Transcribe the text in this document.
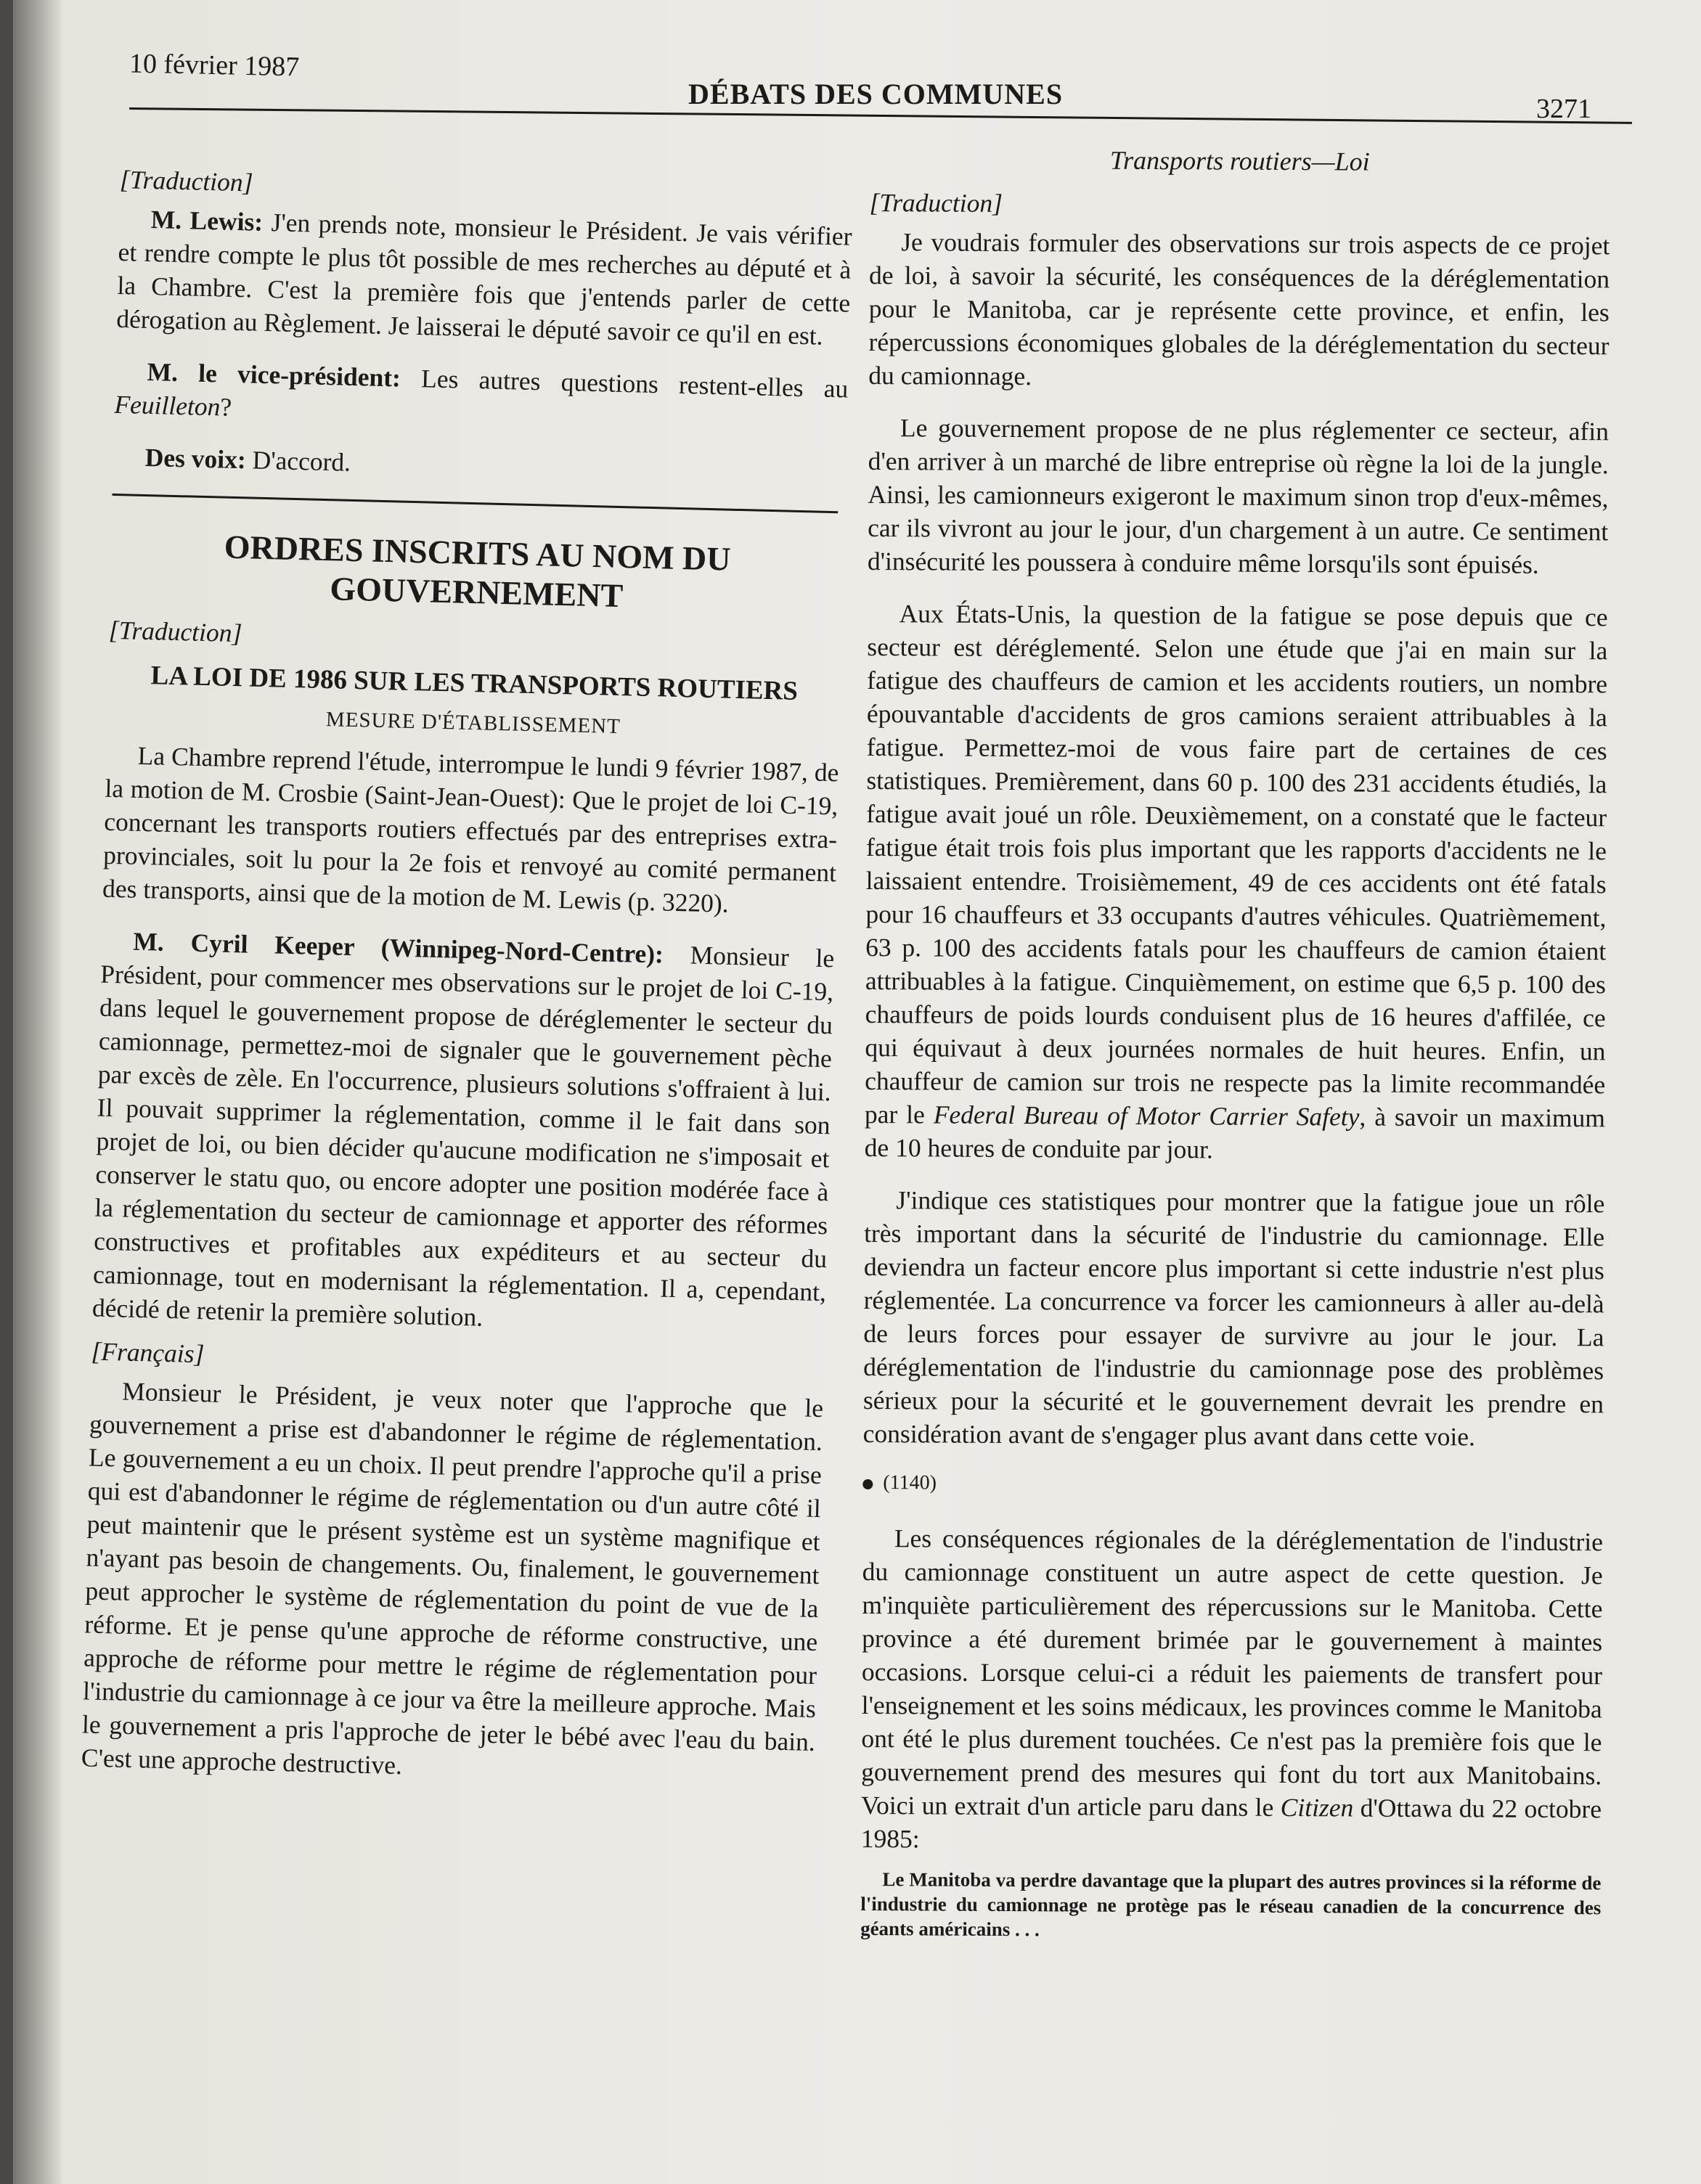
10 février 1987
DÉBATS DES COMMUNES	3271

[Traduction]

M. Lewis: J'en prends note, monsieur le Président. Je vais vérifier et rendre compte le plus tôt possible de mes recherches au député et à la Chambre. C'est la première fois que j'entends parler de cette dérogation au Règlement. Je laisserai le député savoir ce qu'il en est.

M. le vice-président: Les autres questions restent-elles au Feuilleton?

Des voix: D'accord.

ORDRES INSCRITS AU NOM DU
GOUVERNEMENT

[Traduction]

LA LOI DE 1986 SUR LES TRANSPORTS ROUTIERS
MESURE D'ÉTABLISSEMENT

La Chambre reprend l'étude, interrompue le lundi 9 février 1987, de la motion de M. Crosbie (Saint-Jean-Ouest): Que le projet de loi C-19, concernant les transports routiers effectués par des entreprises extra-provinciales, soit lu pour la 2e fois et renvoyé au comité permanent des transports, ainsi que de la motion de M. Lewis (p. 3220).

M. Cyril Keeper (Winnipeg-Nord-Centre): Monsieur le Président, pour commencer mes observations sur le projet de loi C-19, dans lequel le gouvernement propose de déréglementer le secteur du camionnage, permettez-moi de signaler que le gouvernement pèche par excès de zèle. En l'occurrence, plusieurs solutions s'offraient à lui. Il pouvait supprimer la réglementation, comme il le fait dans son projet de loi, ou bien décider qu'aucune modification ne s'imposait et conserver le statu quo, ou encore adopter une position modérée face à la réglementation du secteur de camionnage et apporter des réformes constructives et profitables aux expéditeurs et au secteur du camionnage, tout en modernisant la réglementation. Il a, cependant, décidé de retenir la première solution.

[Français]

Monsieur le Président, je veux noter que l'approche que le gouvernement a prise est d'abandonner le régime de réglementation. Le gouvernement a eu un choix. Il peut prendre l'approche qu'il a prise qui est d'abandonner le régime de réglementation ou d'un autre côté il peut maintenir que le présent système est un système magnifique et n'ayant pas besoin de changements. Ou, finalement, le gouvernement peut approcher le système de réglementation du point de vue de la réforme. Et je pense qu'une approche de réforme constructive, une approche de réforme pour mettre le régime de réglementation pour l'industrie du camionnage à ce jour va être la meilleure approche. Mais le gouvernement a pris l'approche de jeter le bébé avec l'eau du bain. C'est une approche destructive.

Transports routiers—Loi

[Traduction]

Je voudrais formuler des observations sur trois aspects de ce projet de loi, à savoir la sécurité, les conséquences de la déréglementation pour le Manitoba, car je représente cette province, et enfin, les répercussions économiques globales de la déréglementation du secteur du camionnage.

Le gouvernement propose de ne plus réglementer ce secteur, afin d'en arriver à un marché de libre entreprise où règne la loi de la jungle. Ainsi, les camionneurs exigeront le maximum sinon trop d'eux-mêmes, car ils vivront au jour le jour, d'un chargement à un autre. Ce sentiment d'insécurité les poussera à conduire même lorsqu'ils sont épuisés.

Aux États-Unis, la question de la fatigue se pose depuis que ce secteur est déréglementé. Selon une étude que j'ai en main sur la fatigue des chauffeurs de camion et les accidents routiers, un nombre épouvantable d'accidents de gros camions seraient attribuables à la fatigue. Permettez-moi de vous faire part de certaines de ces statistiques. Premièrement, dans 60 p. 100 des 231 accidents étudiés, la fatigue avait joué un rôle. Deuxièmement, on a constaté que le facteur fatigue était trois fois plus important que les rapports d'accidents ne le laissaient entendre. Troisièmement, 49 de ces accidents ont été fatals pour 16 chauffeurs et 33 occupants d'autres véhicules. Quatrièmement, 63 p. 100 des accidents fatals pour les chauffeurs de camion étaient attribuables à la fatigue. Cinquièmement, on estime que 6,5 p. 100 des chauffeurs de poids lourds conduisent plus de 16 heures d'affilée, ce qui équivaut à deux journées normales de huit heures. Enfin, un chauffeur de camion sur trois ne respecte pas la limite recommandée par le Federal Bureau of Motor Carrier Safety, à savoir un maximum de 10 heures de conduite par jour.

J'indique ces statistiques pour montrer que la fatigue joue un rôle très important dans la sécurité de l'industrie du camionnage. Elle deviendra un facteur encore plus important si cette industrie n'est plus réglementée. La concurrence va forcer les camionneurs à aller au-delà de leurs forces pour essayer de survivre au jour le jour. La déréglementation de l'industrie du camionnage pose des problèmes sérieux pour la sécurité et le gouvernement devrait les prendre en considération avant de s'engager plus avant dans cette voie.

(1140)

Les conséquences régionales de la déréglementation de l'industrie du camionnage constituent un autre aspect de cette question. Je m'inquiète particulièrement des répercussions sur le Manitoba. Cette province a été durement brimée par le gouvernement à maintes occasions. Lorsque celui-ci a réduit les paiements de transfert pour l'enseignement et les soins médicaux, les provinces comme le Manitoba ont été le plus durement touchées. Ce n'est pas la première fois que le gouvernement prend des mesures qui font du tort aux Manitobains. Voici un extrait d'un article paru dans le Citizen d'Ottawa du 22 octobre 1985:

Le Manitoba va perdre davantage que la plupart des autres provinces si la réforme de l'industrie du camionnage ne protège pas le réseau canadien de la concurrence des géants américains . . .
